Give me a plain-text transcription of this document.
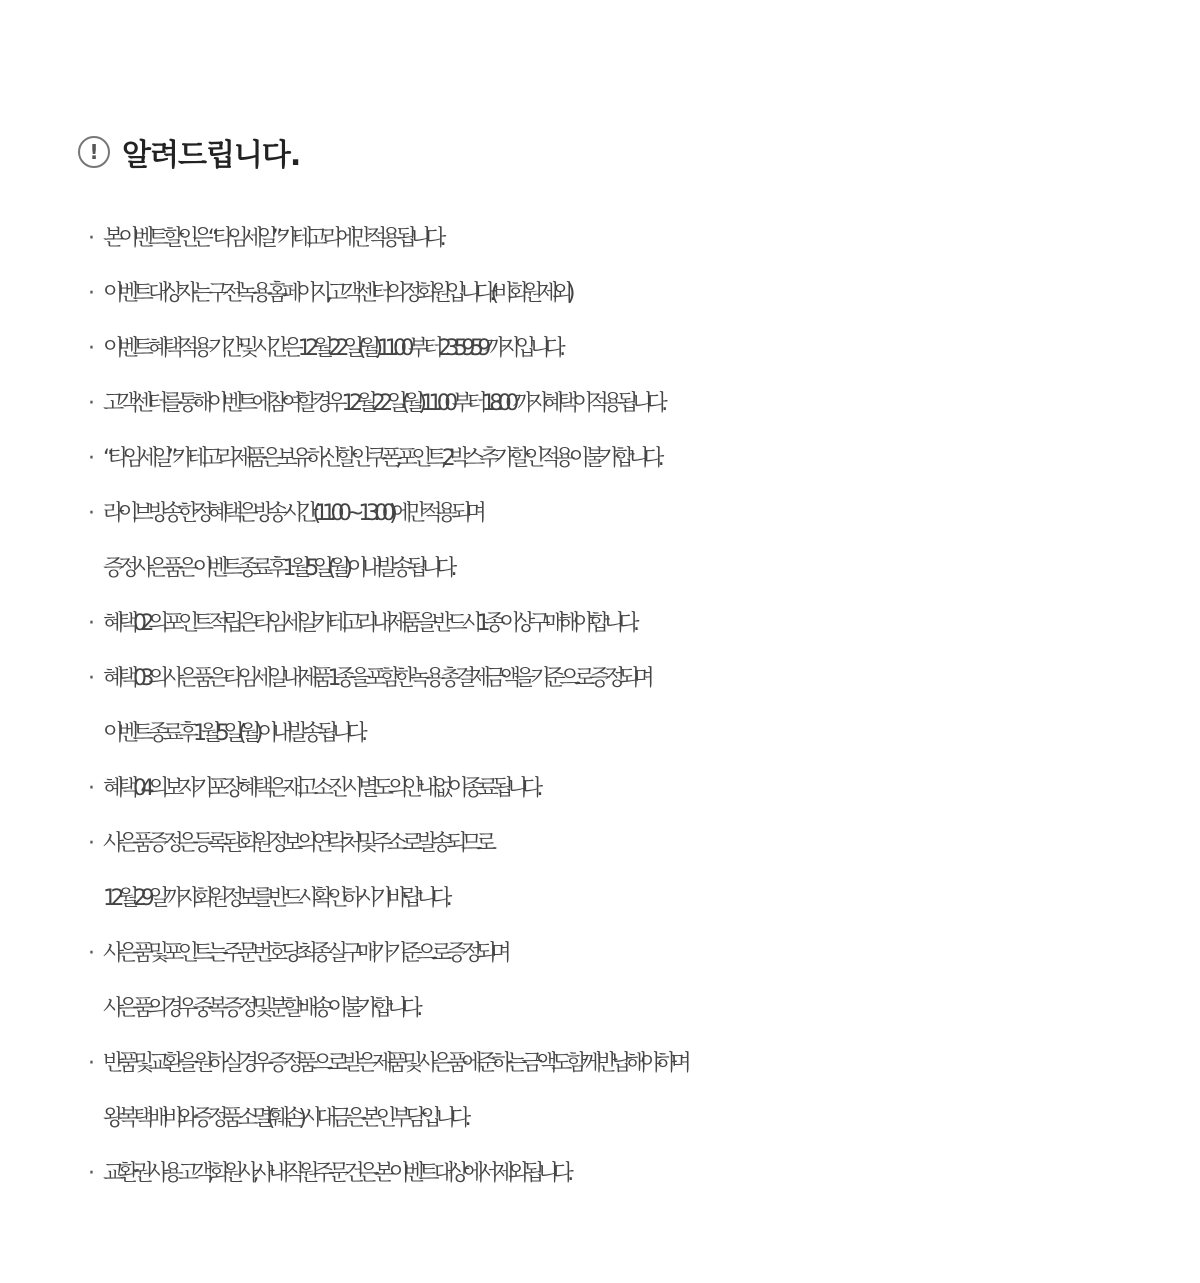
! 알려드립니다.
· 본 이벤트 할인은 “타임세일” 카테고리에만 적용됩니다.
· 이벤트 대상자는 구전녹용 홈페이지, 고객센터의 정회원입니다. (비회원 제외)
· 이벤트 혜택 적용 기간 및 시간은 12월 22일(월) 11:00부터 23:59:59까지 입니다.
· 고객센터를 통해 이벤트에 참여할 경우 12월 22일(월) 11:00부터 18:00까지 혜택이 적용됩니다.
· “타임세일” 카테고리 제품은 보유하신 할인 쿠폰, 포인트, 2박스 추가 할인 적용이 불가합니다.
· 라이브 방송 한정 혜택은 방송 시간 (11:00 ~ 13:00)에만 적용되며
증정 사은품은 이벤트 종료 후 1월 5일(월) 이내 발송됩니다.
· 혜택 02의 포인트 적립은 타임세일 카테고리 내 제품을 반드시 1종 이상 구매해야 합니다.
· 혜택 03의 사은품은 타임세일 내 제품 1종을 포함한 녹용 총 결제 금액을 기준으로 증정되며
이벤트 종료 후 1월 5일(월) 이내 발송됩니다.
· 혜택 04의 보자기 포장 혜택은 재고 소진 시 별도의 안내 없이 종료됩니다.
· 사은품 증정은 등록된 회원 정보의 연락처 및 주소로 발송되므로
12월 29일까지 회원 정보를 반드시 확인하시기 바랍니다.
· 사은품 및 포인트는 주문번호당 최종 실 구매가 기준으로 증정되며
사은품의 경우 중복 증정 및 분할 배송이 불가합니다.
· 반품 및 교환을 원하실 경우 증정품으로 받은 제품 및 사은품에 준하는 금액도 함께 반납해야 하며
왕복 택배비와 증정품 소멸(훼손) 시 대금은 본인 부담입니다.
· 교환권 사용 고객, 회원사, 사내 직원 주문 건은 본 이벤트 대상에서 제외 됩니다.
